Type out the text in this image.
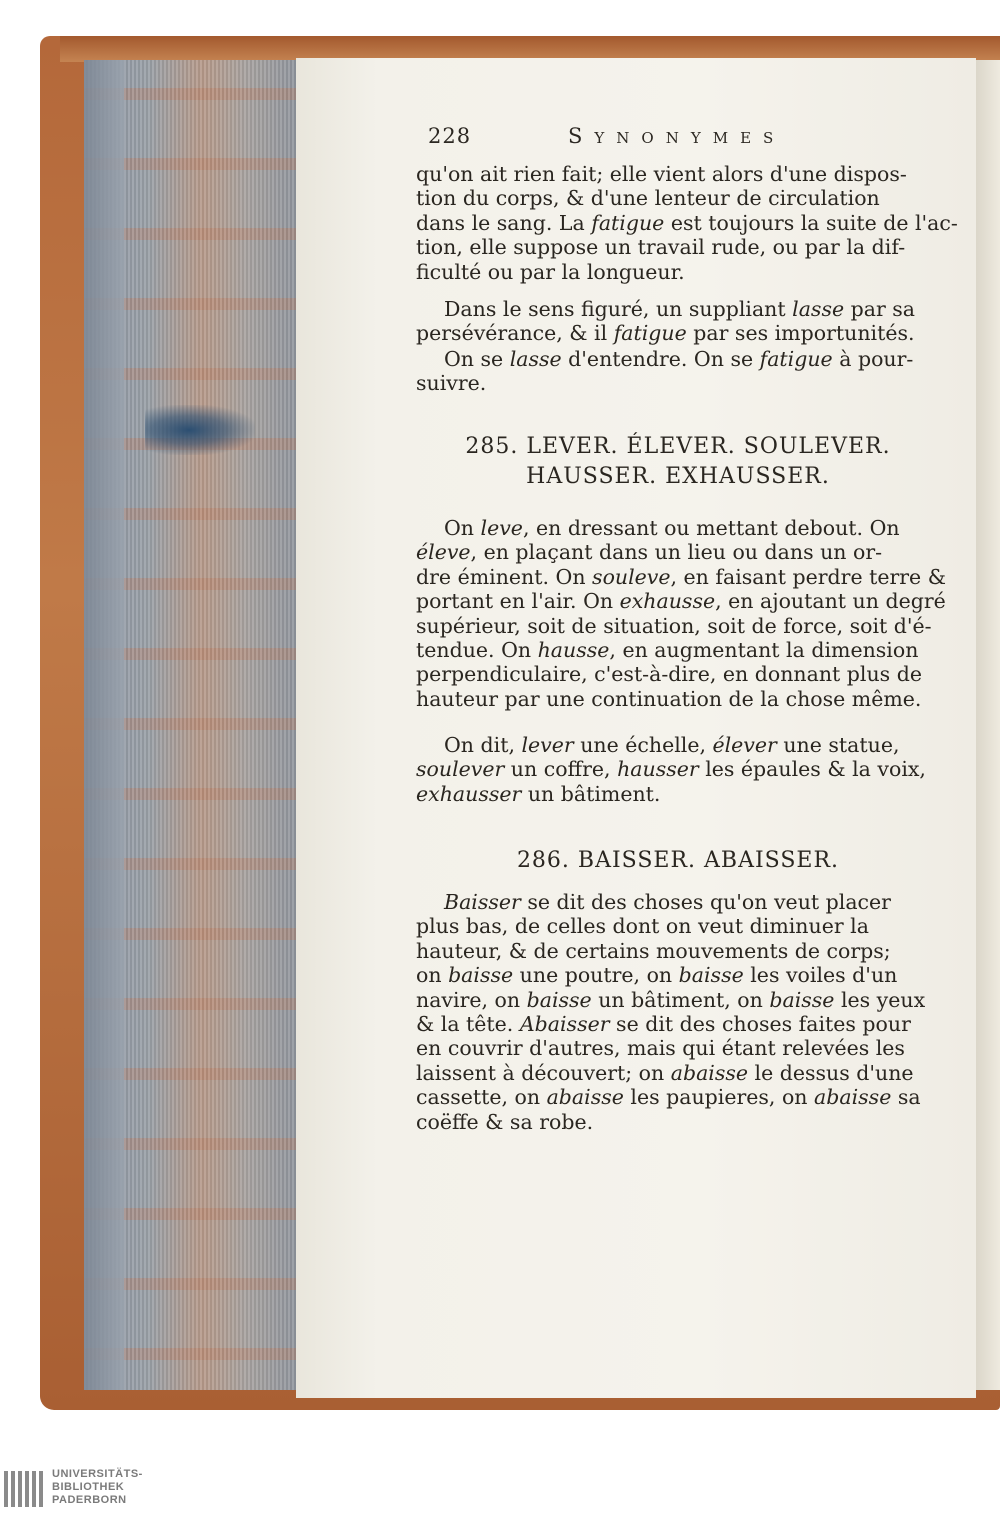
228	Synonymes
qu'on ait rien fait; elle vient alors d'une dispos-
tion du corps, & d'une lenteur de circulation
dans le sang. La fatigue est toujours la suite de l'ac-
tion, elle suppose un travail rude, ou par la dif-
ficulté ou par la longueur.
Dans le sens figuré, un suppliant lasse par sa
persévérance, & il fatigue par ses importunités.
On se lasse d'entendre. On se fatigue à pour-
suivre.
285. LEVER. ÉLEVER. SOULEVER.
HAUSSER. EXHAUSSER.
On leve, en dressant ou mettant debout. On
éleve, en plaçant dans un lieu ou dans un or-
dre éminent. On souleve, en faisant perdre terre &
portant en l'air. On exhausse, en ajoutant un degré
supérieur, soit de situation, soit de force, soit d'é-
tendue. On hausse, en augmentant la dimension
perpendiculaire, c'est-à-dire, en donnant plus de
hauteur par une continuation de la chose même.
On dit, lever une échelle, élever une statue,
soulever un coffre, hausser les épaules & la voix,
exhausser un bâtiment.
286. BAISSER. ABAISSER.
Baisser se dit des choses qu'on veut placer
plus bas, de celles dont on veut diminuer la
hauteur, & de certains mouvements de corps;
on baisse une poutre, on baisse les voiles d'un
navire, on baisse un bâtiment, on baisse les yeux
& la tête. Abaisser se dit des choses faites pour
en couvrir d'autres, mais qui étant relevées les
laissent à découvert; on abaisse le dessus d'une
cassette, on abaisse les paupieres, on abaisse sa
coëffe & sa robe.
UNIVERSITÄTS-
BIBLIOTHEK
PADERBORN
